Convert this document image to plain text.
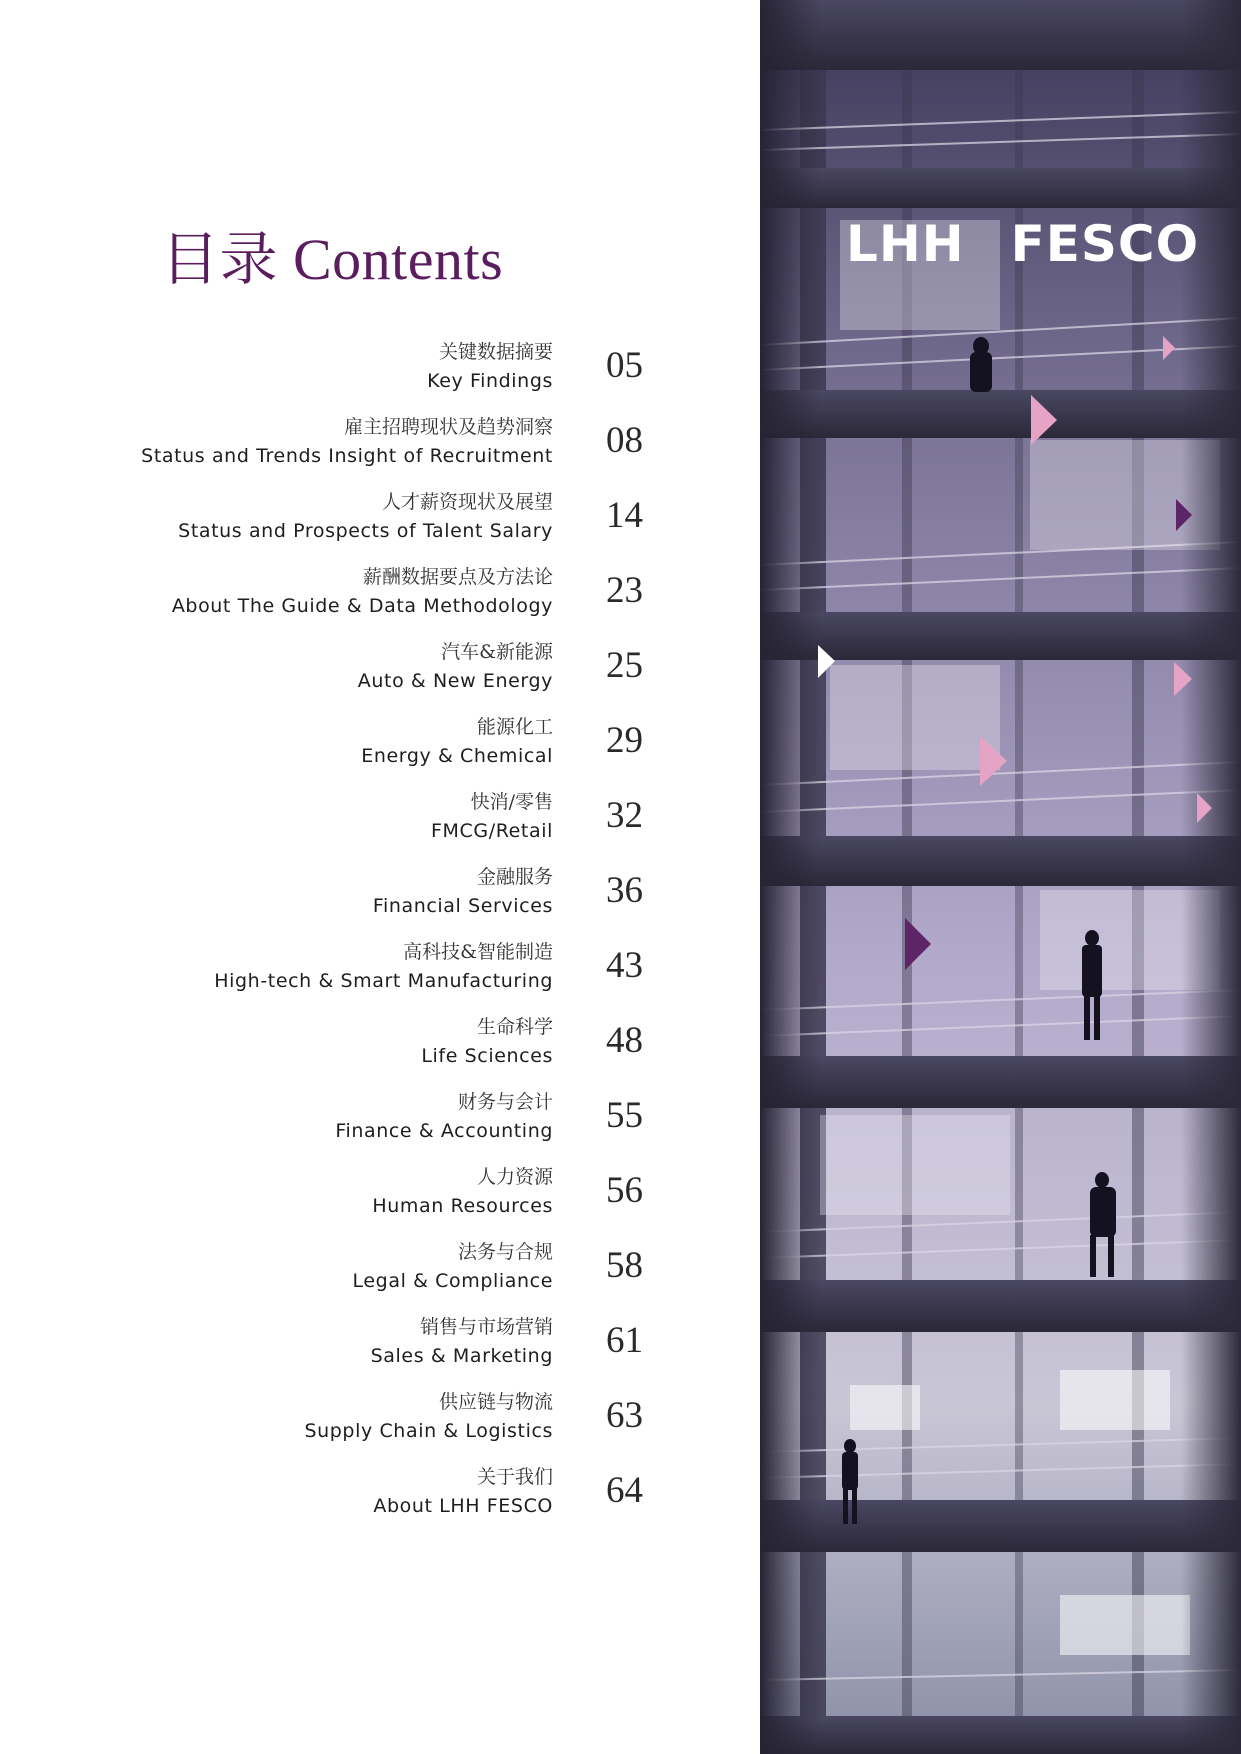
目录 Contents
关键数据摘要
Key Findings 05
雇主招聘现状及趋势洞察
Status and Trends Insight of Recruitment 08
人才薪资现状及展望
Status and Prospects of Talent Salary 14
薪酬数据要点及方法论
About The Guide & Data Methodology 23
汽车&新能源
Auto & New Energy 25
能源化工
Energy & Chemical 29
快消/零售
FMCG/Retail 32
金融服务
Financial Services 36
高科技&智能制造
High-tech & Smart Manufacturing 43
生命科学
Life Sciences 48
财务与会计
Finance & Accounting 55
人力资源
Human Resources 56
法务与合规
Legal & Compliance 58
销售与市场营销
Sales & Marketing 61
供应链与物流
Supply Chain & Logistics 63
关于我们
About LHH FESCO 64
LHH FESCO
